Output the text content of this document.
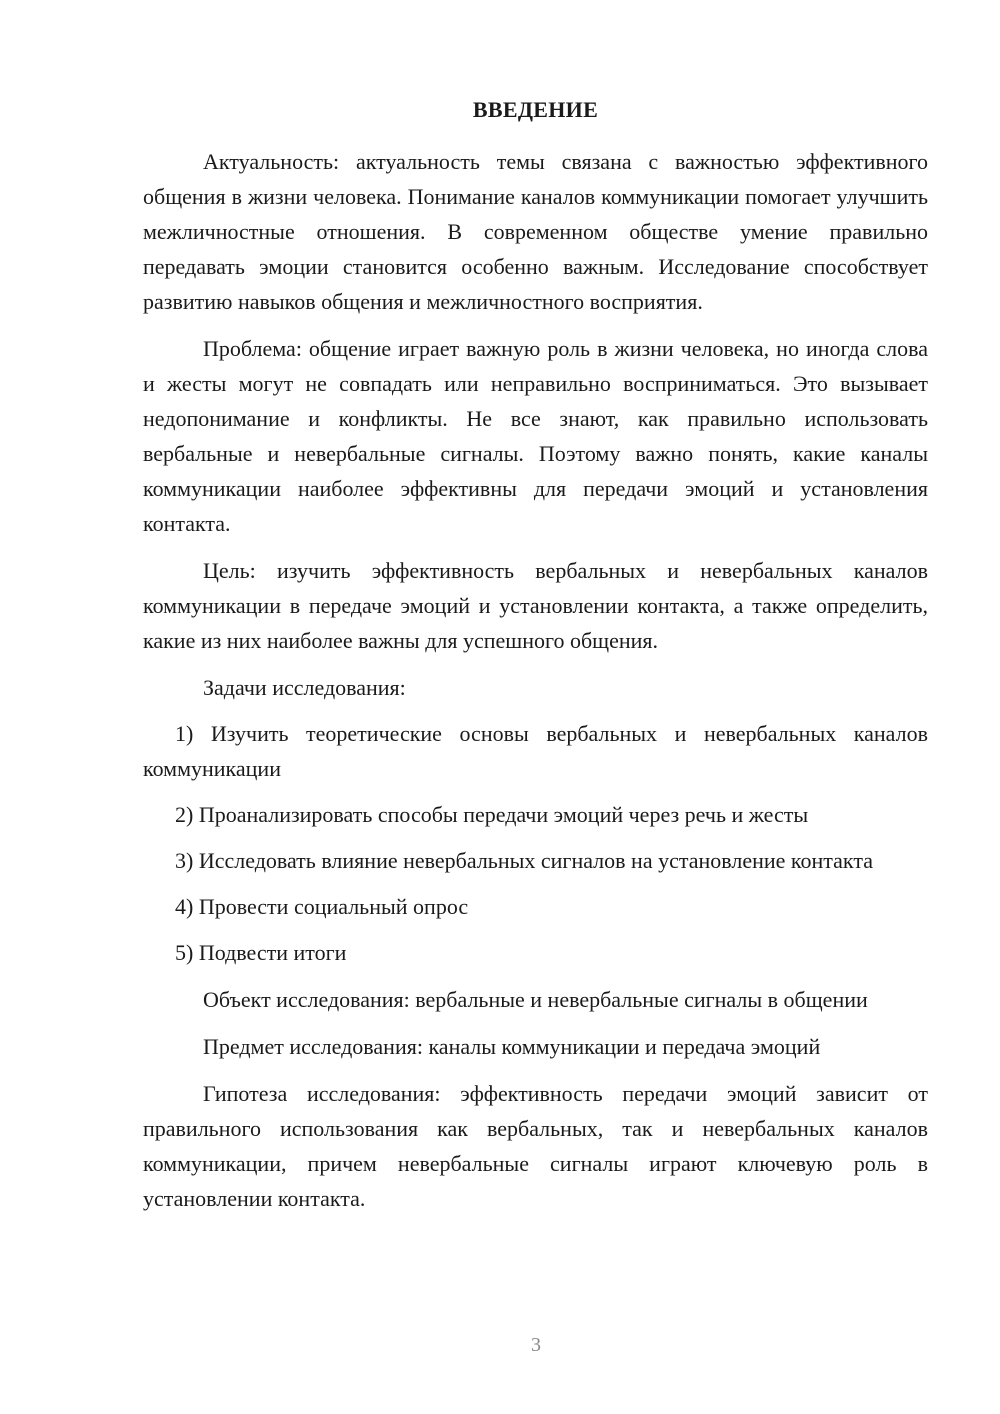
ВВЕДЕНИЕ

Актуальность: актуальность темы связана с важностью эффективного общения в жизни человека. Понимание каналов коммуникации помогает улучшить межличностные отношения. В современном обществе умение правильно передавать эмоции становится особенно важным. Исследование способствует развитию навыков общения и межличностного восприятия.

Проблема: общение играет важную роль в жизни человека, но иногда слова и жесты могут не совпадать или неправильно восприниматься. Это вызывает недопонимание и конфликты. Не все знают, как правильно использовать вербальные и невербальные сигналы. Поэтому важно понять, какие каналы коммуникации наиболее эффективны для передачи эмоций и установления контакта.

Цель: изучить эффективность вербальных и невербальных каналов коммуникации в передаче эмоций и установлении контакта, а также определить, какие из них наиболее важны для успешного общения.

Задачи исследования:

1) Изучить теоретические основы вербальных и невербальных каналов коммуникации

2) Проанализировать способы передачи эмоций через речь и жесты

3) Исследовать влияние невербальных сигналов на установление контакта

4) Провести социальный опрос

5) Подвести итоги

Объект исследования: вербальные и невербальные сигналы в общении

Предмет исследования: каналы коммуникации и передача эмоций

Гипотеза исследования: эффективность передачи эмоций зависит от правильного использования как вербальных, так и невербальных каналов коммуникации, причем невербальные сигналы играют ключевую роль в установлении контакта.

3
